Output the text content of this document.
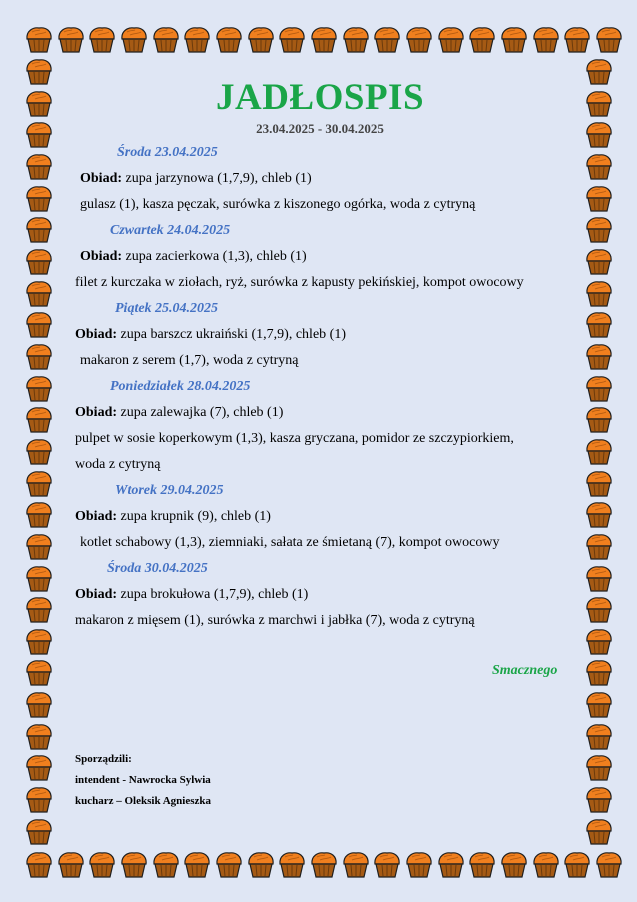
JADŁOSPIS
23.04.2025 - 30.04.2025
Środa 23.04.2025
Obiad: zupa jarzynowa (1,7,9), chleb (1)
gulasz (1), kasza pęczak, surówka z kiszonego ogórka, woda z cytryną
Czwartek 24.04.2025
Obiad: zupa zacierkowa (1,3), chleb (1)
filet z kurczaka w ziołach, ryż, surówka z kapusty pekińskiej, kompot owocowy
Piątek 25.04.2025
Obiad: zupa barszcz ukraiński (1,7,9), chleb (1)
makaron z serem (1,7), woda z cytryną
Poniedziałek 28.04.2025
Obiad: zupa zalewajka (7), chleb (1)
pulpet w sosie koperkowym (1,3), kasza gryczana, pomidor ze szczypiorkiem,
woda z cytryną
Wtorek 29.04.2025
Obiad: zupa krupnik (9), chleb (1)
kotlet schabowy (1,3), ziemniaki, sałata ze śmietaną (7), kompot owocowy
Środa 30.04.2025
Obiad: zupa brokułowa (1,7,9), chleb (1)
makaron z mięsem (1), surówka z marchwi i jabłka (7), woda z cytryną
Smacznego
Sporządzili:
intendent - Nawrocka Sylwia
kucharz – Oleksik Agnieszka
